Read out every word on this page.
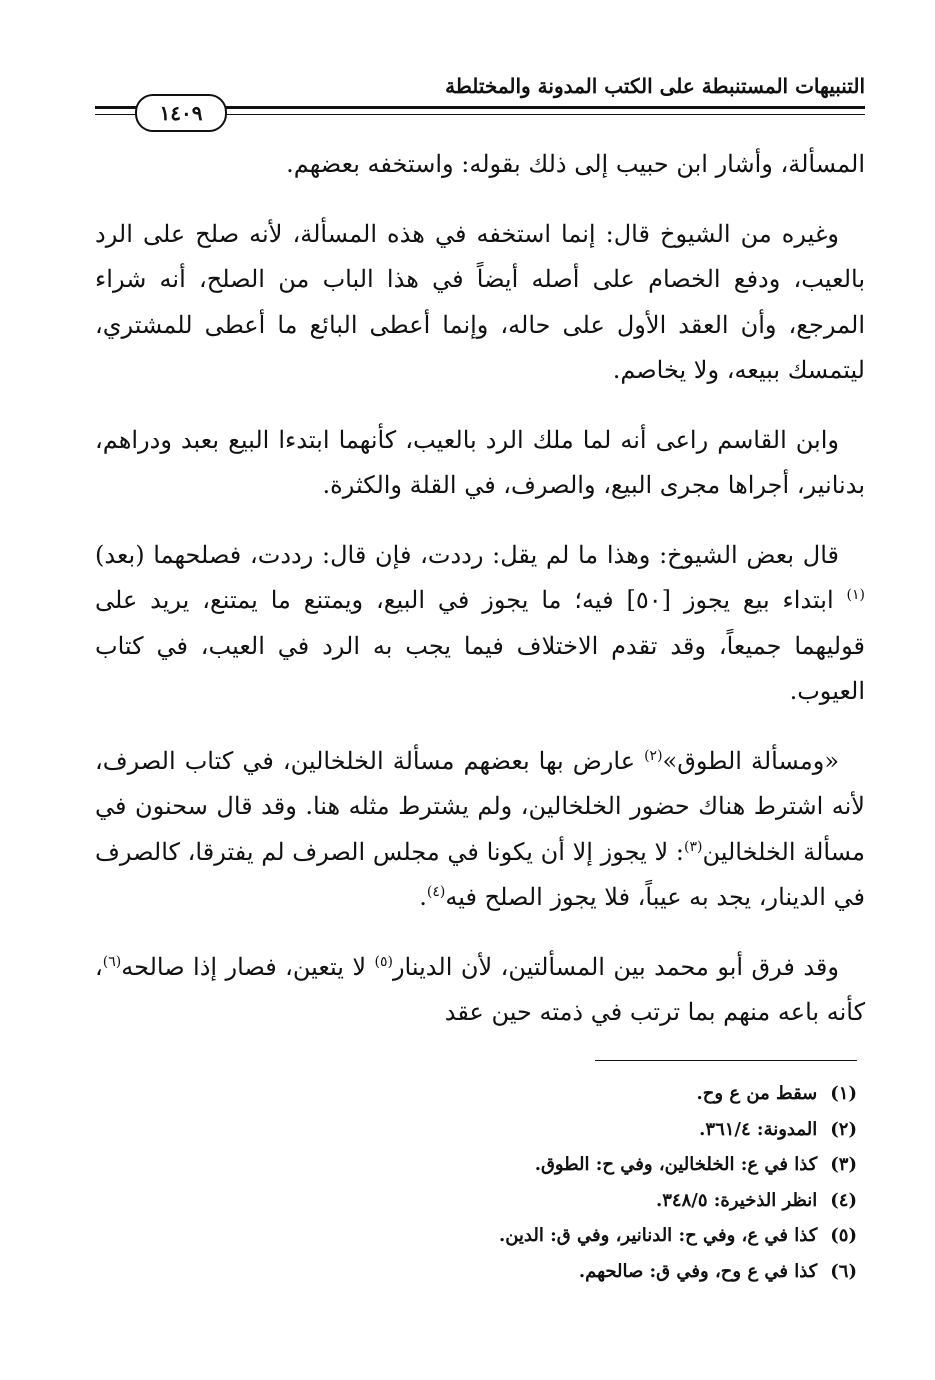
التنبيهات المستنبطة على الكتب المدونة والمختلطة
١٤٠٩

المسألة، وأشار ابن حبيب إلى ذلك بقوله: واستخفه بعضهم.

وغيره من الشيوخ قال: إنما استخفه في هذه المسألة، لأنه صلح على الرد بالعيب، ودفع الخصام على أصله أيضاً في هذا الباب من الصلح، أنه شراء المرجع، وأن العقد الأول على حاله، وإنما أعطى البائع ما أعطى للمشتري، ليتمسك ببيعه، ولا يخاصم.

وابن القاسم راعى أنه لما ملك الرد بالعيب، كأنهما ابتدءا البيع بعبد ودراهم، بدنانير، أجراها مجرى البيع، والصرف، في القلة والكثرة.

قال بعض الشيوخ: وهذا ما لم يقل: رددت، فإن قال: رددت، فصلحهما (بعد)$^{(١)}$ ابتداء بيع يجوز [٥٠] فيه؛ ما يجوز في البيع، ويمتنع ما يمتنع، يريد على قوليهما جميعاً، وقد تقدم الاختلاف فيما يجب به الرد في العيب، في كتاب العيوب.

«ومسألة الطوق»$^{(٢)}$ عارض بها بعضهم مسألة الخلخالين، في كتاب الصرف، لأنه اشترط هناك حضور الخلخالين، ولم يشترط مثله هنا. وقد قال سحنون في مسألة الخلخالين$^{(٣)}$: لا يجوز إلا أن يكونا في مجلس الصرف لم يفترقا، كالصرف في الدينار، يجد به عيباً، فلا يجوز الصلح فيه$^{(٤)}$.

وقد فرق أبو محمد بين المسألتين، لأن الدينار$^{(٥)}$ لا يتعين، فصار إذا صالحه$^{(٦)}$، كأنه باعه منهم بما ترتب في ذمته حين عقد

(١) سقط من ع وح.

(٢) المدونة: ٣٦١/٤.

(٣) كذا في ع: الخلخالين، وفي ح: الطوق.

(٤) انظر الذخيرة: ٣٤٨/٥.

(٥) كذا في ع، وفي ح: الدنانير، وفي ق: الدين.

(٦) كذا في ع وح، وفي ق: صالحهم.
